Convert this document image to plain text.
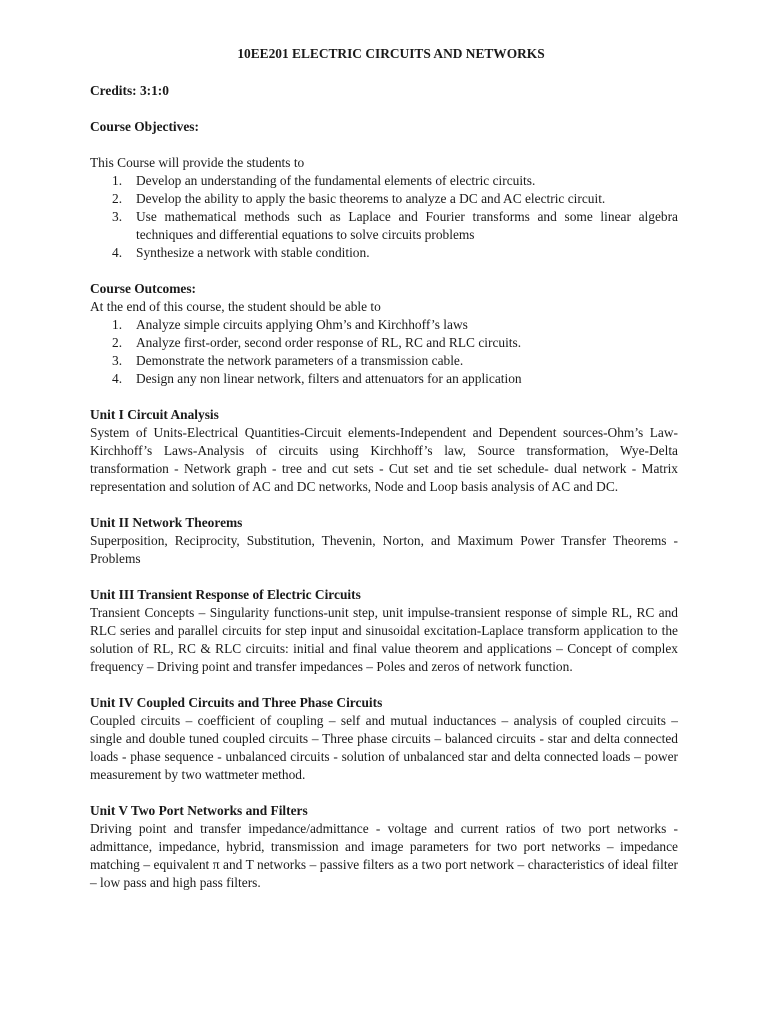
10EE201 ELECTRIC CIRCUITS AND NETWORKS
Credits: 3:1:0

Course Objectives:

This Course will provide the students to

1. Develop an understanding of the fundamental elements of electric circuits.
2. Develop the ability to apply the basic theorems to analyze a DC and AC electric circuit.
3. Use mathematical methods such as Laplace and Fourier transforms and some linear algebra techniques and differential equations to solve circuits problems
4. Synthesize a network with stable condition.

Course Outcomes:

At the end of this course, the student should be able to

1. Analyze simple circuits applying Ohm’s and Kirchhoff’s laws
2. Analyze first-order, second order response of RL, RC and RLC circuits.
3. Demonstrate the network parameters of a transmission cable.
4. Design any non linear network, filters and attenuators for an application

Unit I Circuit Analysis

System of Units-Electrical Quantities-Circuit elements-Independent and Dependent sources-Ohm’s Law-Kirchhoff’s Laws-Analysis of circuits using Kirchhoff’s law, Source transformation, Wye-Delta transformation - Network graph - tree and cut sets - Cut set and tie set schedule- dual network - Matrix representation and solution of AC and DC networks, Node and Loop basis analysis of AC and DC.

Unit II Network Theorems

Superposition, Reciprocity, Substitution, Thevenin, Norton, and Maximum Power Transfer Theorems - Problems

Unit III Transient Response of Electric Circuits

Transient Concepts – Singularity functions-unit step, unit impulse-transient response of simple RL, RC and RLC series and parallel circuits for step input and sinusoidal excitation-Laplace transform application to the solution of RL, RC & RLC circuits: initial and final value theorem and applications – Concept of complex frequency – Driving point and transfer impedances – Poles and zeros of network function.

Unit IV Coupled Circuits and Three Phase Circuits

Coupled circuits – coefficient of coupling – self and mutual inductances – analysis of coupled circuits – single and double tuned coupled circuits – Three phase circuits – balanced circuits - star and delta connected loads - phase sequence - unbalanced circuits - solution of unbalanced star and delta connected loads – power measurement by two wattmeter method.

Unit V Two Port Networks and Filters

Driving point and transfer impedance/admittance - voltage and current ratios of two port networks - admittance, impedance, hybrid, transmission and image parameters for two port networks – impedance matching – equivalent π and T networks – passive filters as a two port network – characteristics of ideal filter – low pass and high pass filters.
